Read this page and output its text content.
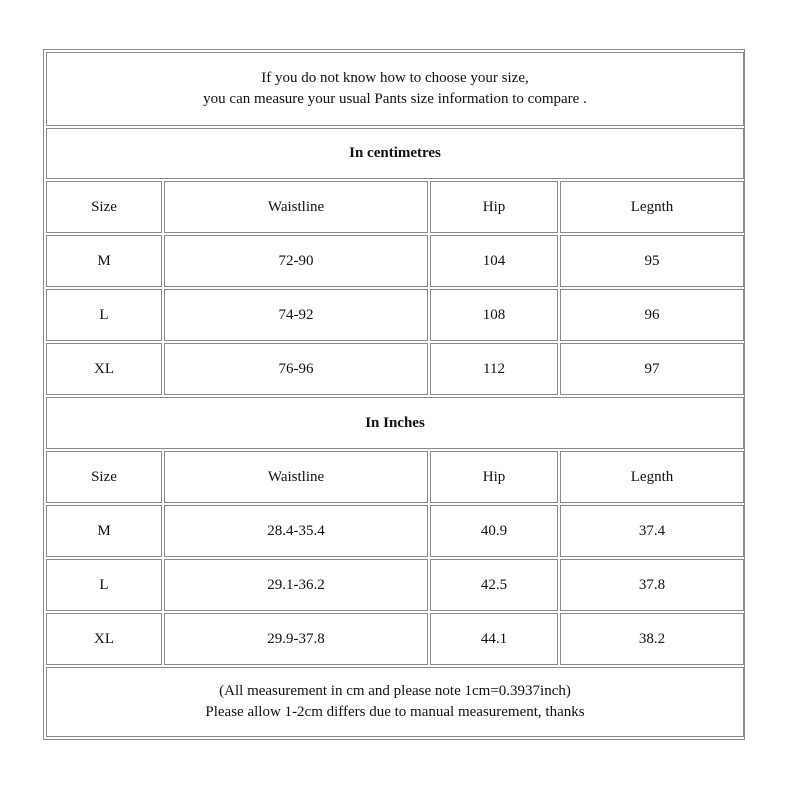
If you do not know how to choose your size,
you can measure your usual Pants size information to compare .
In centimetres
Size	Waistline	Hip	Legnth
M	72-90	104	95
L	74-92	108	96
XL	76-96	112	97
In Inches
Size	Waistline	Hip	Legnth
M	28.4-35.4	40.9	37.4
L	29.1-36.2	42.5	37.8
XL	29.9-37.8	44.1	38.2
(All measurement in cm and please note 1cm=0.3937inch)
Please allow 1-2cm differs due to manual measurement, thanks
